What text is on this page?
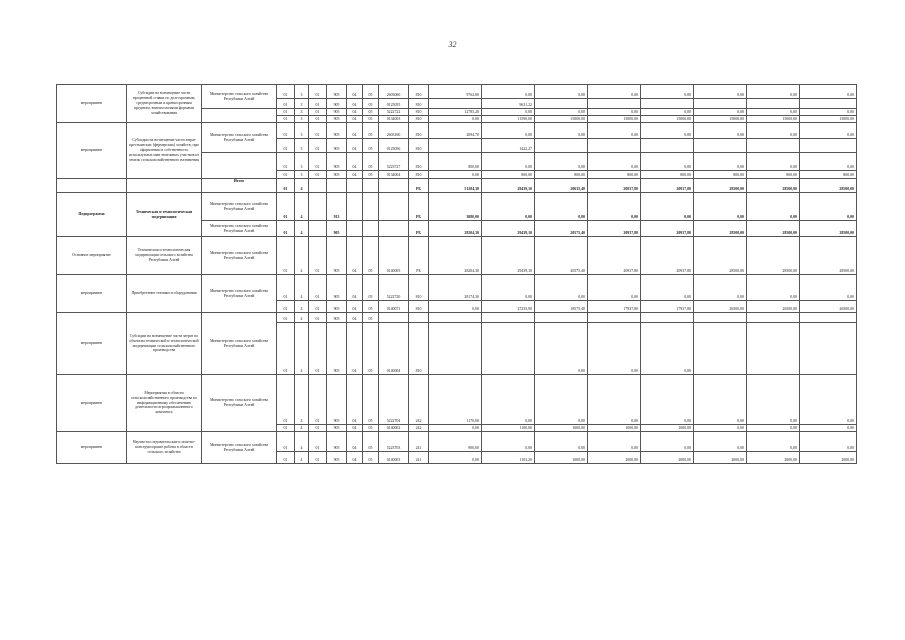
32
мероприятие	Субсидии на возмещение части процентной ставки по долгосрочным, среднесрочным и краткосрочным кредитам, взятым малыми формами хозяйствования	Министерство сельского хозяйства Республики Алтай	01	3	01	905	04	05	2603060	810	9762,00	0,00	0,00	0,00	0,00	0,00	0,00	0,00
			01	3	01	905	04	05	0125055	810		9631,22						
			01	3	01	905	04	05	5222722	810	12785,20	0,00	0,00	0,00	0,00	0,00	0,00	0,00
			01	3	01	905	04	05	0134003	810	0,00	11590,00	15000,00	15000,00	15000,00	15000,00	15000,00	15000,00
мероприятие	Субсидии на возмещение части затрат крестьянских (фермерских) хозяйств, при оформлении в собственность используемых ими земельных участков из земель сельскохозяйственного назначения	Министерство сельского хозяйства Республики Алтай	01	3	01	905	04	05	2603160	810	2094,70	0,00	0,00	0,00	0,00	0,00	0,00	0,00
			01	3	01	905	04	05	0125056	810		1422,27						
			01	3	01	905	04	05	5223727	810	800,00	0,00	0,00	0,00	0,00	0,00	0,00	0,00
			01	3	01	905	04	05	0134004	810	0,00	800,00	800,00	800,00	800,00	800,00	800,00	800,00
		Итого	01	4						РБ	51284,30	29439,10	20635,40	20937,80	20937,80	28500,00	28500,00	28500,00
Подпрограмма	Техническая и технологическая модернизация	Министерство сельского хозяйства Республики Алтай	01	4		912				РБ	3080,00	0,00	0,00	0,00	0,00	0,00	0,00	0,00
		Министерство сельского хозяйства Республики Алтай	01	4		905				РБ	28204,30	29439,10	20575,40	20937,80	20937,80	28500,00	28500,00	28500,00
Основное мероприятие	Техническая и технологическая модернизация сельского хозяйства Республики Алтай	Министерство сельского хозяйства Республики Алтай	01	4	01	905	04	05	0140005	РБ	28204,30	29439,10	20575,40	20937,80	20937,80	28500,00	28500,00	28500,00
мероприятие	Приобретение техники и оборудования	Министерство сельского хозяйства Республики Алтай	01	4	01	905	04	05	5222720	810	28174,30	0,00	0,00	0,00	0,00	0,00	0,00	0,00
			01	4	01	905	04	05	0140071	810	0,00	27235,90	18575,40	17937,80	17937,80	26500,00	26500,00	26500,00
мероприятие	Субсидии на возмещение части затрат по объектам технической и технологической модернизации сельскохозяйственного производства	Министерство сельского хозяйства Республики Алтай	01	4	01	905	04	05										
			01	4	01	905	04	05	0140004	810			0,00	0,00	0,00			
мероприятие	Мероприятия в области сельскохозяйственного производства по информационному обеспечению деятельности агропромышленного комплекса	Министерство сельского хозяйства Республики Алтай	01	4	01	905	04	05	5222704	242	1170,00	0,00	0,00	0,00	0,00	0,00	0,00	0,00
			01	4	01	905	04	05	0140002	242	0,00	1100,00	1000,00	1000,00	1000,00	0,00	0,00	0,00
мероприятие	Научно-исследовательские и опытно-конструкторские работы в области сельского хозяйства	Министерство сельского хозяйства Республики Алтай	01	4	01	905	04	05	5223703	241	900,00	0,00	0,00	0,00	0,00	0,00	0,00	0,00
			01	4	01	905	04	05	0140003	241	0,00	1103,20	1000,00	2000,00	2000,00	2000,00	2000,00	2000,00
